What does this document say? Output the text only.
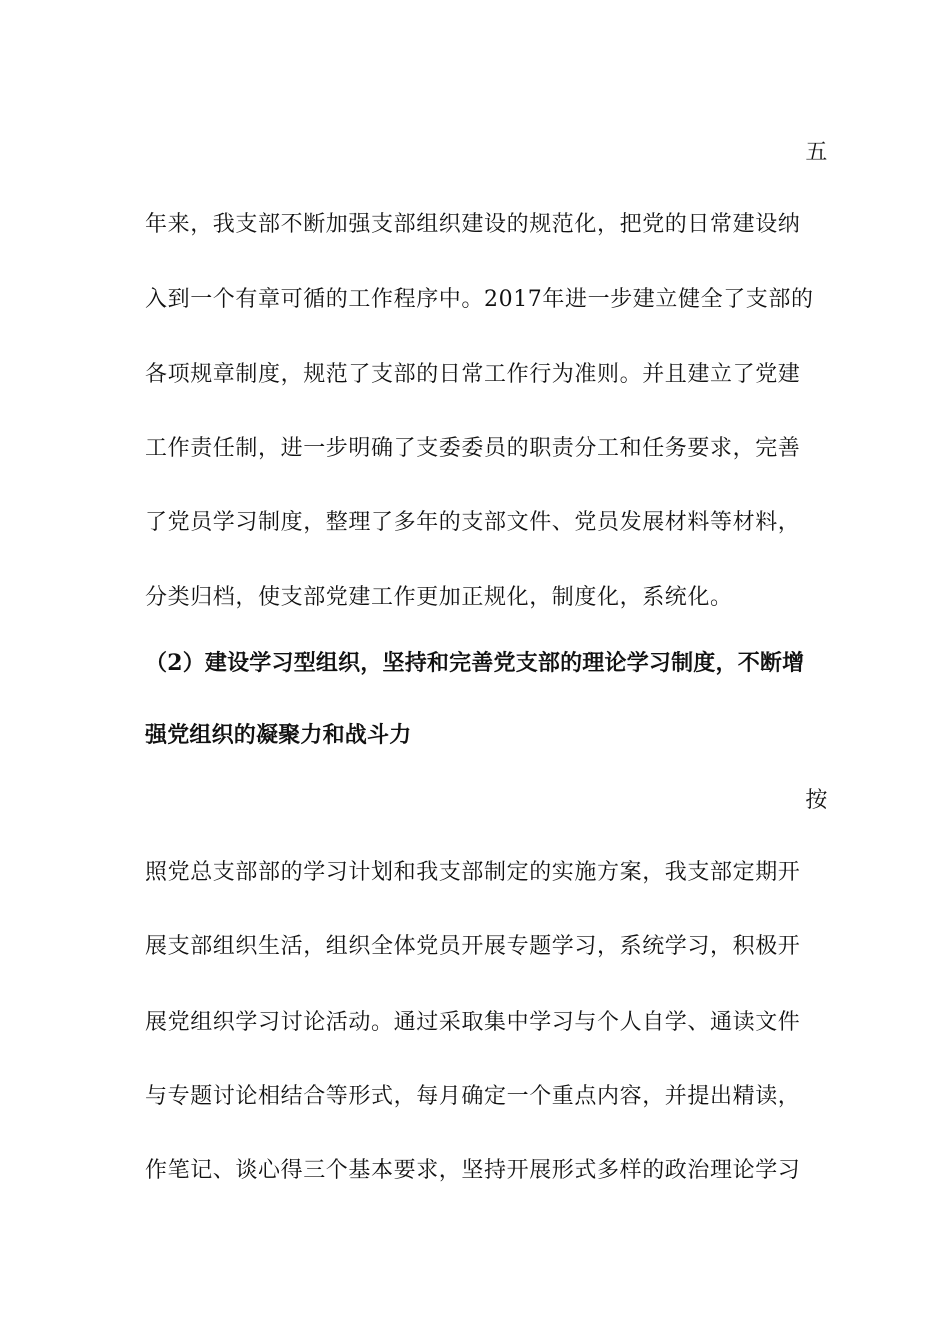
五
年来，我支部不断加强支部组织建设的规范化，把党的日常建设纳
入到一个有章可循的工作程序中。2017年进一步建立健全了支部的
各项规章制度，规范了支部的日常工作行为准则。并且建立了党建
工作责任制，进一步明确了支委委员的职责分工和任务要求，完善
了党员学习制度，整理了多年的支部文件、党员发展材料等材料，
分类归档，使支部党建工作更加正规化，制度化，系统化。
（2）建设学习型组织，坚持和完善党支部的理论学习制度，不断增
强党组织的凝聚力和战斗力
按
照党总支部部的学习计划和我支部制定的实施方案，我支部定期开
展支部组织生活，组织全体党员开展专题学习，系统学习，积极开
展党组织学习讨论活动。通过采取集中学习与个人自学、通读文件
与专题讨论相结合等形式，每月确定一个重点内容，并提出精读，
作笔记、谈心得三个基本要求，坚持开展形式多样的政治理论学习
